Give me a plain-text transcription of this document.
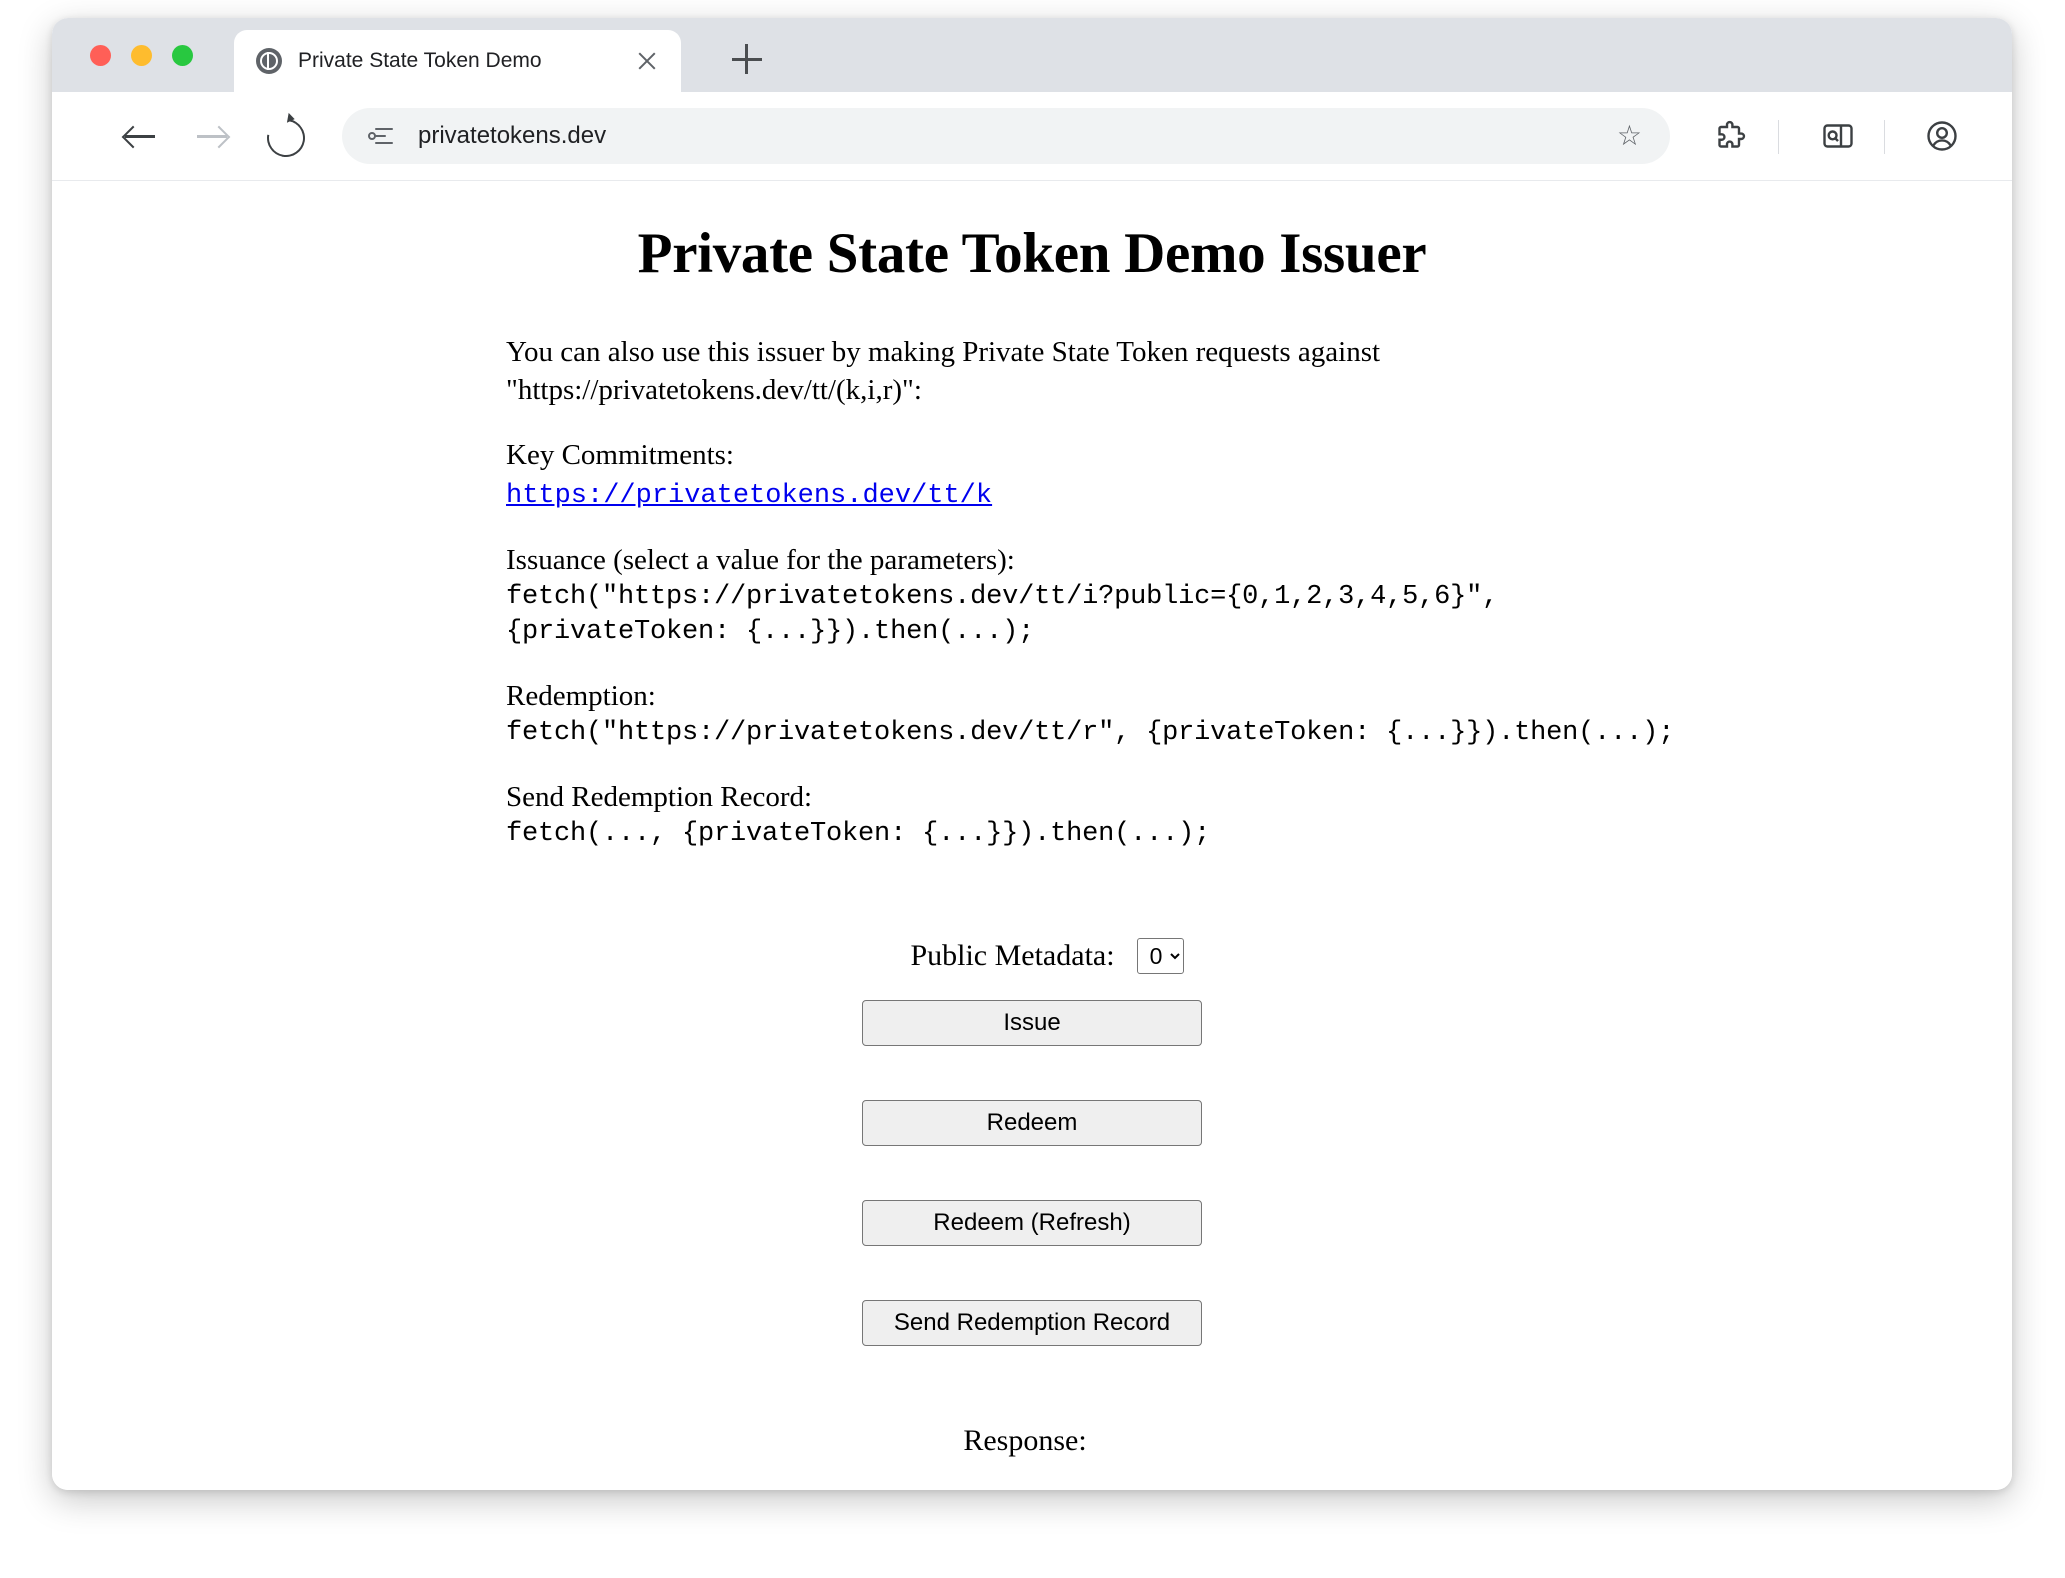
Private State Token Demo
privatetokens.dev	☆
Private State Token Demo Issuer
You can also use this issuer by making Private State Token requests against
"https://privatetokens.dev/tt/(k,i,r)":
Key Commitments:
https://privatetokens.dev/tt/k
Issuance (select a value for the parameters):
fetch("https://privatetokens.dev/tt/i?public={0,1,2,3,4,5,6}",
{privateToken: {...}}).then(...);
Redemption:
fetch("https://privatetokens.dev/tt/r", {privateToken: {...}}).then(...);
Send Redemption Record:
fetch(..., {privateToken: {...}}).then(...);
Public Metadata:
0
Issue
Redeem
Redeem (Refresh)
Send Redemption Record
Response:
